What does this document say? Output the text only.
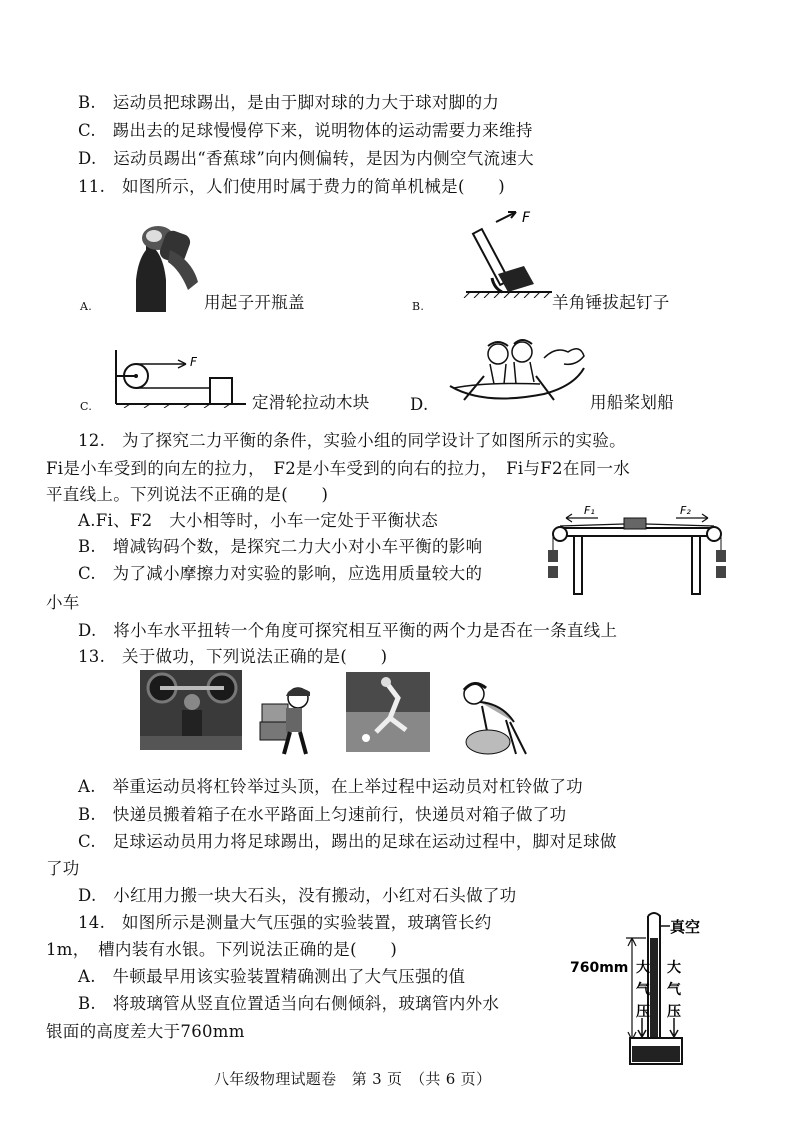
B.　运动员把球踢出，是由于脚对球的力大于球对脚的力
C.　踢出去的足球慢慢停下来，说明物体的运动需要力来维持
D.　运动员踢出“香蕉球”向内侧偏转，是因为内侧空气流速大
11.　如图所示，人们使用时属于费力的简单机械是(　　)
A.	用起子开瓶盖
F
B.	羊角锤拔起钉子
F
C.	定滑轮拉动木块 D.	用船桨划船
12.　为了探究二力平衡的条件，实验小组的同学设计了如图所示的实验。
Fi是小车受到的向左的拉力，　F2是小车受到的向右的拉力，　Fi与F2在同一水
平直线上。下列说法不正确的是(　　)
A.Fi、F2　大小相等时，小车一定处于平衡状态
B.　增减钩码个数，是探究二力大小对小车平衡的影响
C.　为了减小摩擦力对实验的影响，应选用质量较大的
小车
D.　将小车水平扭转一个角度可探究相互平衡的两个力是否在一条直线上
F₁	F₂
13.　关于做功，下列说法正确的是(　　)
A.　举重运动员将杠铃举过头顶，在上举过程中运动员对杠铃做了功
B.　快递员搬着箱子在水平路面上匀速前行，快递员对箱子做了功
C.　足球运动员用力将足球踢出，踢出的足球在运动过程中，脚对足球做
了功
D.　小红用力搬一块大石头，没有搬动，小红对石头做了功
14.　如图所示是测量大气压强的实验装置，玻璃管长约
1m，　槽内装有水银。下列说法正确的是(　　)
A.　牛顿最早用该实验装置精确测出了大气压强的值
B.　将玻璃管从竖直位置适当向右侧倾斜，玻璃管内外水
银面的高度差大于760mm
真空
760mm 大
气
压
大
气
压
八年级物理试题卷　第 3 页　（共 6 页）
